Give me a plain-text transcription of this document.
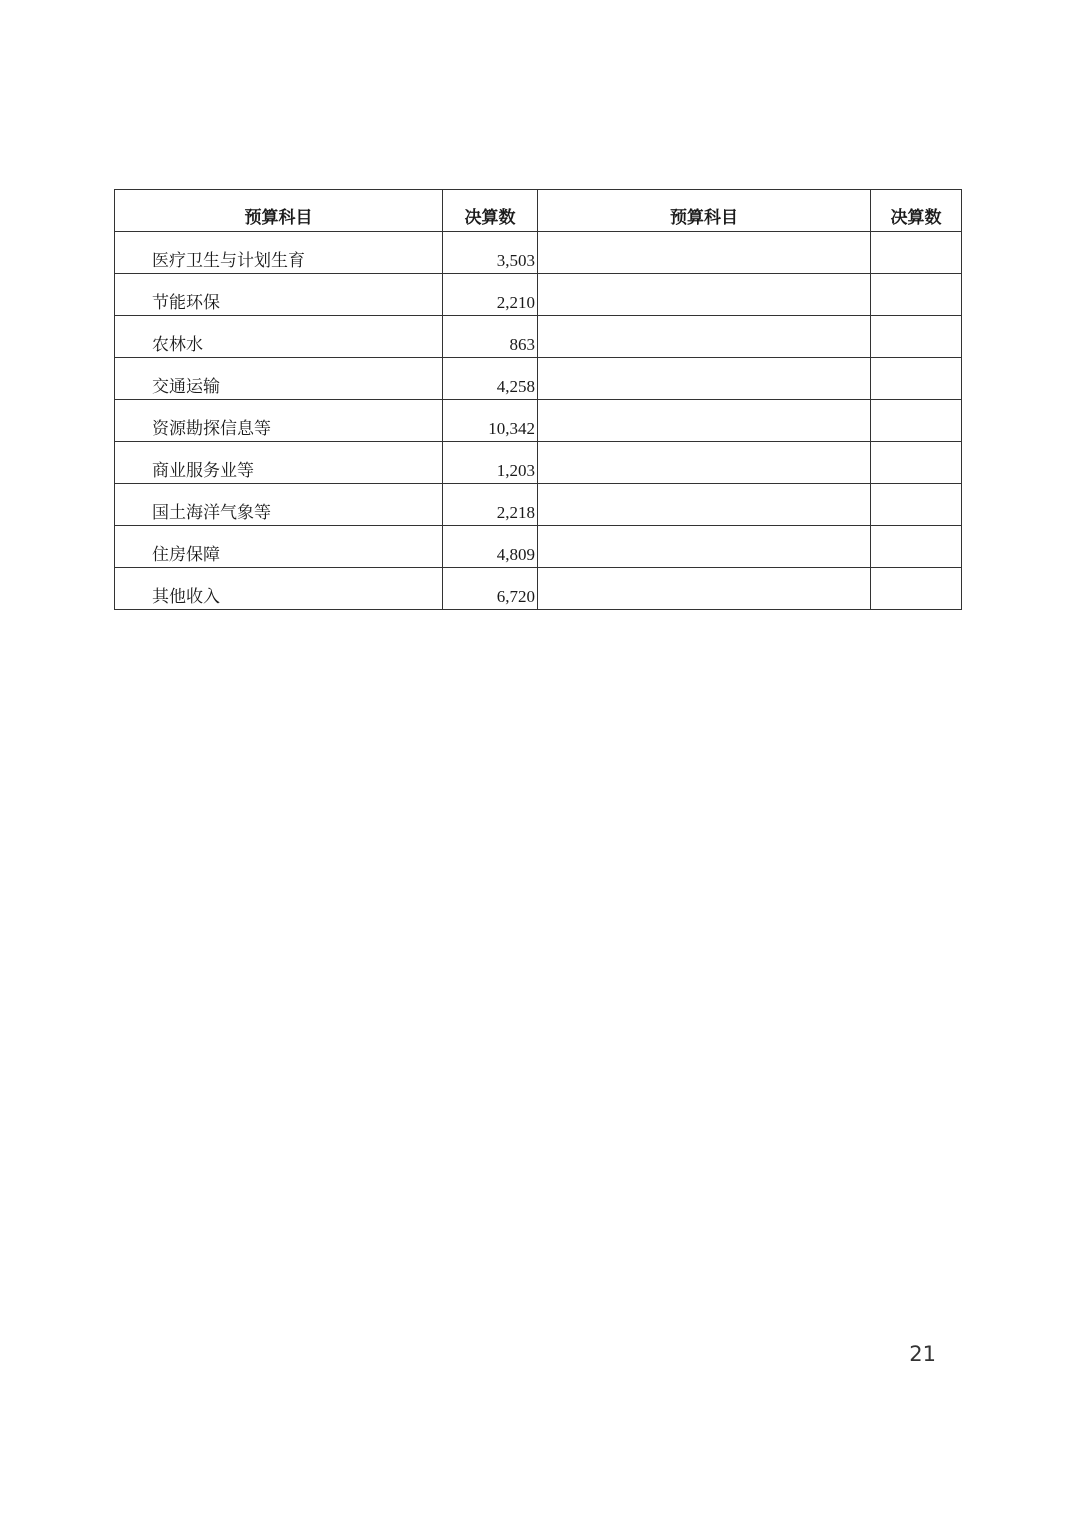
预算科目	决算数	预算科目	决算数
医疗卫生与计划生育	3,503		
节能环保	2,210		
农林水	863		
交通运输	4,258		
资源勘探信息等	10,342		
商业服务业等	1,203		
国土海洋气象等	2,218		
住房保障	4,809		
其他收入	6,720		
21
